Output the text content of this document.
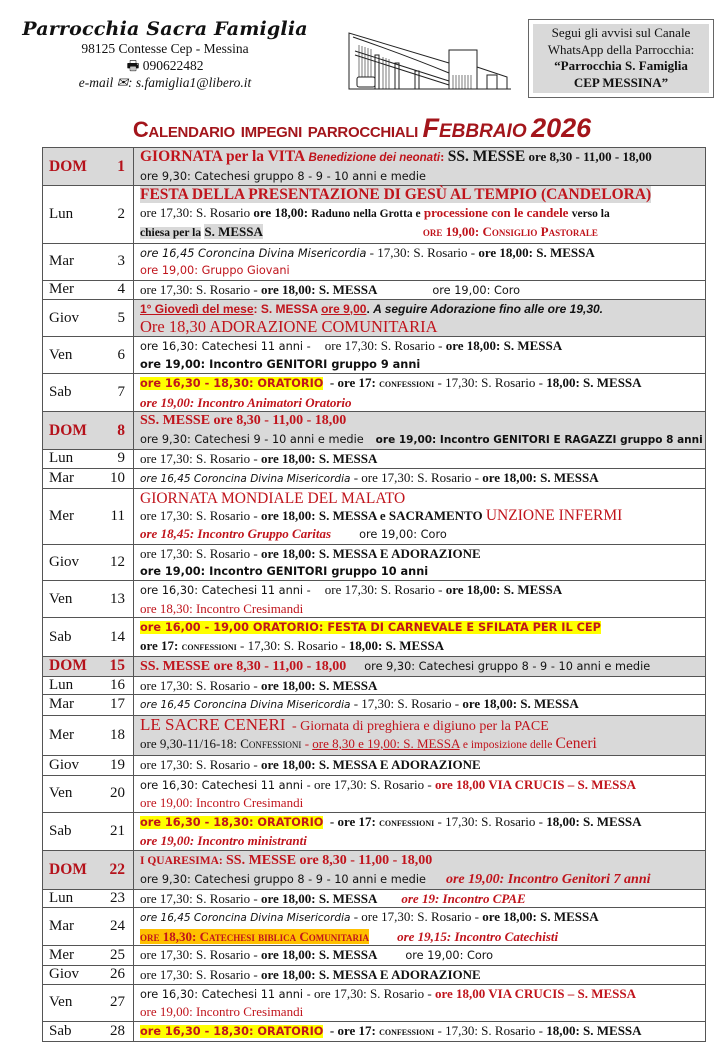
Parrocchia Sacra Famiglia
98125 Contesse Cep - Messina
🖶 090622482
e-mail ✉: s.famiglia1@libero.it
Segui gli avvisi sul Canale
WhatsApp della Parrocchia:
“Parrocchia S. Famiglia
CEP MESSINA”
Calendario impegni parrocchiali Febbraio 2026
DOM	1	GIORNATA per la VITA Benedizione dei neonati: SS. MESSE ore 8,30 - 11,00 - 18,00
ore 9,30: Catechesi gruppo 8 - 9 - 10 anni e medie

Lun	2	FESTA DELLA PRESENTAZIONE DI GESÙ AL TEMPIO (CANDELORA)
ore 17,30: S. Rosario ore 18,00: Raduno nella Grotta e processione con le candele verso la
chiesa per la S. MESSA ore 19,00: Consiglio Pastorale

Mar	3	ore 16,45 Coroncina Divina Misericordia - 17,30: S. Rosario - ore 18,00: S. MESSA
ore 19,00: Gruppo Giovani

Mer	4	ore 17,30: S. Rosario - ore 18,00: S. MESSA ore 19,00: Coro
Giov	5	1° Giovedì del mese: S. MESSA ore 9,00. A seguire Adorazione fino alle ore 19,30.
Ore 18,30 ADORAZIONE COMUNITARIA

Ven	6	ore 16,30: Catechesi 11 anni - ore 17,30: S. Rosario - ore 18,00: S. MESSA
ore 19,00: Incontro GENITORI gruppo 9 anni

Sab	7	ore 16,30 - 18,30: ORATORIO - ore 17: confessioni - 17,30: S. Rosario - 18,00: S. MESSA
ore 19,00: Incontro Animatori Oratorio

DOM	8	SS. MESSE ore 8,30 - 11,00 - 18,00
ore 9,30: Catechesi 9 - 10 anni e medie ore 19,00: Incontro GENITORI E RAGAZZI gruppo 8 anni

Lun	9	ore 17,30: S. Rosario - ore 18,00: S. MESSA
Mar	10	ore 16,45 Coroncina Divina Misericordia - ore 17,30: S. Rosario - ore 18,00: S. MESSA
Mer	11	GIORNATA MONDIALE DEL MALATO
ore 17,30: S. Rosario - ore 18,00: S. MESSA e SACRAMENTO UNZIONE INFERMI
ore 18,45: Incontro Gruppo Caritas ore 19,00: Coro

Giov	12	ore 17,30: S. Rosario - ore 18,00: S. MESSA E ADORAZIONE
ore 19,00: Incontro GENITORI gruppo 10 anni

Ven	13	ore 16,30: Catechesi 11 anni - ore 17,30: S. Rosario - ore 18,00: S. MESSA
ore 18,30: Incontro Cresimandi

Sab	14	ore 16,00 - 19,00 ORATORIO: FESTA DI CARNEVALE E SFILATA PER IL CEP
ore 17: confessioni - 17,30: S. Rosario - 18,00: S. MESSA

DOM	15	SS. MESSE ore 8,30 - 11,00 - 18,00 ore 9,30: Catechesi gruppo 8 - 9 - 10 anni e medie
Lun	16	ore 17,30: S. Rosario - ore 18,00: S. MESSA
Mar	17	ore 16,45 Coroncina Divina Misericordia - 17,30: S. Rosario - ore 18,00: S. MESSA
Mer	18	LE SACRE CENERI - Giornata di preghiera e digiuno per la PACE
ore 9,30-11/16-18: Confessioni - ore 8,30 e 19,00: S. MESSA e imposizione delle Ceneri

Giov	19	ore 17,30: S. Rosario - ore 18,00: S. MESSA E ADORAZIONE
Ven	20	ore 16,30: Catechesi 11 anni - ore 17,30: S. Rosario - ore 18,00 VIA CRUCIS – S. MESSA
ore 19,00: Incontro Cresimandi

Sab	21	ore 16,30 - 18,30: ORATORIO - ore 17: confessioni - 17,30: S. Rosario - 18,00: S. MESSA
ore 19,00: Incontro ministranti

DOM	22	I QUARESIMA: SS. MESSE ore 8,30 - 11,00 - 18,00
ore 9,30: Catechesi gruppo 8 - 9 - 10 anni e medie ore 19,00: Incontro Genitori 7 anni

Lun	23	ore 17,30: S. Rosario - ore 18,00: S. MESSA ore 19: Incontro CPAE
Mar	24	ore 16,45 Coroncina Divina Misericordia - ore 17,30: S. Rosario - ore 18,00: S. MESSA
ore 18,30: Catechesi biblica Comunitaria ore 19,15: Incontro Catechisti

Mer	25	ore 17,30: S. Rosario - ore 18,00: S. MESSA ore 19,00: Coro
Giov	26	ore 17,30: S. Rosario - ore 18,00: S. MESSA E ADORAZIONE
Ven	27	ore 16,30: Catechesi 11 anni - ore 17,30: S. Rosario - ore 18,00 VIA CRUCIS – S. MESSA
ore 19,00: Incontro Cresimandi

Sab	28	ore 16,30 - 18,30: ORATORIO - ore 17: confessioni - 17,30: S. Rosario - 18,00: S. MESSA
